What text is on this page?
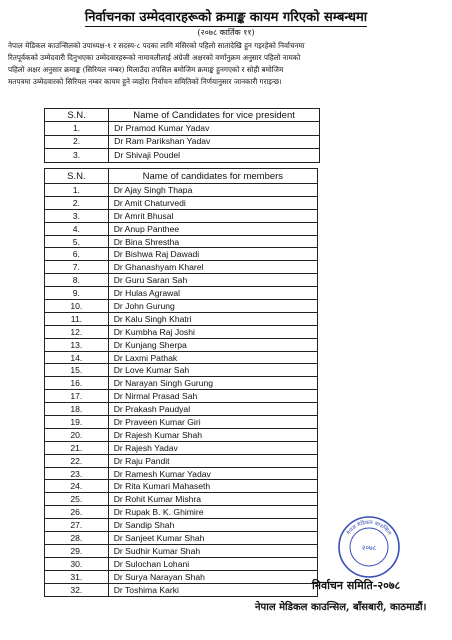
निर्वाचनका उम्मेदवारहरूको क्रमाङ्क कायम गरिएको सम्बन्धमा
(२०७८ कार्तिक ११)
नेपाल मेडिकल काउन्सिलको उपाध्यक्ष-१ र सदस्य-८ पदका लागि मंसिरको पहिलो सातादेखि हुन गइरहेको निर्वाचनमा
रितपूर्वकको उम्मेदवारी दिनुभएका उम्मेदवारहरूको नामावलीलाई अंग्रेजी अक्षरको वर्णानुक्रम अनुसार पहिलो नामको
पहिलो अक्षर अनुसार क्रमाङ्क (सिरियल नम्बर) मिलाउँदा तपसिल बमोजिम क्रमाङ्क हुनगएको र सोही बमोजिम
मतपत्रमा उम्मेदवारको सिरियल नम्बर कायम हुने व्यहोरा निर्वाचन समितिको निर्णयानुसार जानकारी गराइन्छ।
S.N.	Name of Candidates for vice president
1.	Dr Pramod Kumar Yadav
2.	Dr Ram Parikshan Yadav
3.	Dr Shivaji Poudel
S.N.	Name of candidates for members
1.	Dr Ajay Singh Thapa
2.	Dr Amit Chaturvedi
3.	Dr Amrit Bhusal
4.	Dr Anup Panthee
5.	Dr Bina Shrestha
6.	Dr Bishwa Raj Dawadi
7.	Dr Ghanashyam Kharel
8.	Dr Guru Saran Sah
9.	Dr Hulas Agrawal
10.	Dr John Gurung
11.	Dr Kalu Singh Khatri
12.	Dr Kumbha Raj Joshi
13.	Dr Kunjang Sherpa
14.	Dr Laxmi Pathak
15.	Dr Love Kumar Sah
16.	Dr Narayan Singh Gurung
17.	Dr Nirmal Prasad Sah
18.	Dr Prakash Paudyal
19.	Dr Praveen Kumar Giri
20.	Dr Rajesh Kumar Shah
21.	Dr Rajesh Yadav
22.	Dr Raju Pandit
23.	Dr Ramesh Kumar Yadav
24.	Dr Rita Kumari Mahaseth
25.	Dr Rohit Kumar Mishra
26.	Dr Rupak B. K. Ghimire
27.	Dr Sandip Shah
28.	Dr Sanjeet Kumar Shah
29.	Dr Sudhir Kumar Shah
30.	Dr Sulochan Lohani
31.	Dr Surya Narayan Shah
32.	Dr Toshima Karki
२०७८
नेपाल मेडिकल काउन्सिल
निर्वाचन समिति-२०७८
नेपाल मेडिकल काउन्सिल, बाँसबारी, काठमाडौं।
